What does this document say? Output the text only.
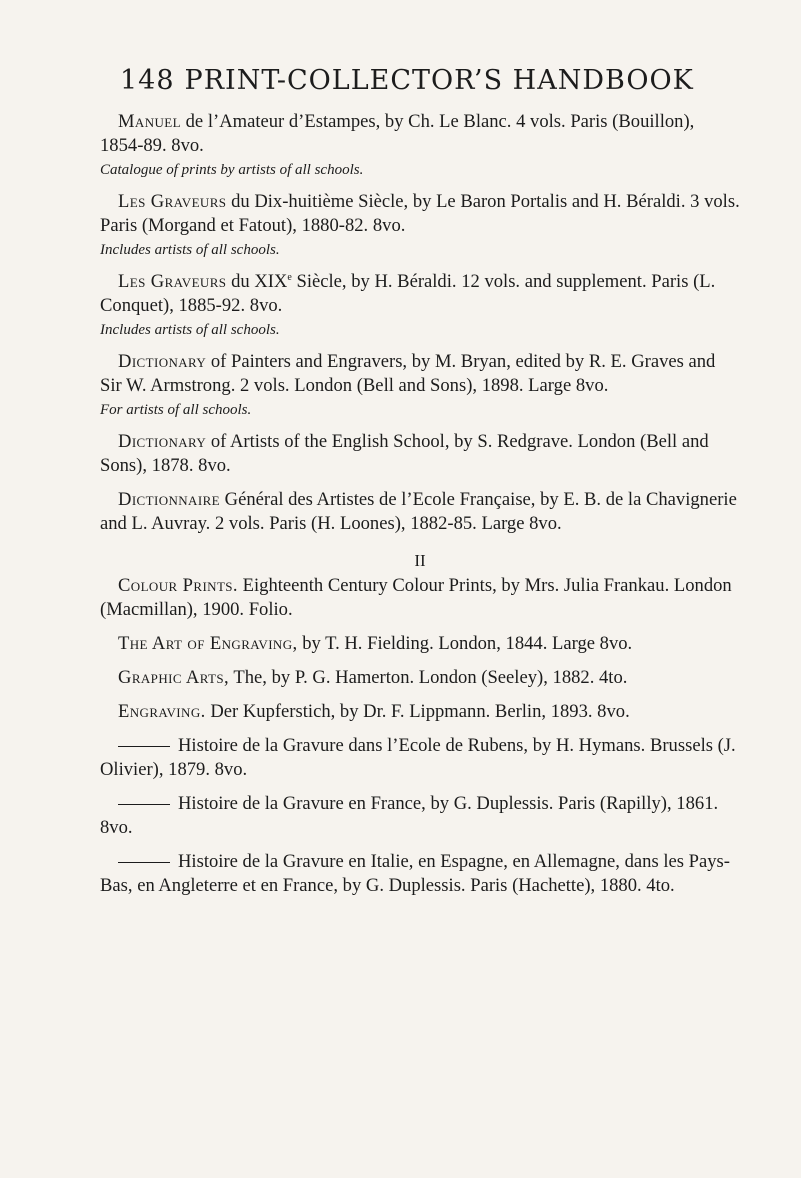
148 PRINT-COLLECTOR’S HANDBOOK

Manuel de l’Amateur d’Estampes, by Ch. Le Blanc. 4 vols. Paris (Bouillon), 1854-89. 8vo.

Catalogue of prints by artists of all schools.

Les Graveurs du Dix-huitième Siècle, by Le Baron Portalis and H. Béraldi. 3 vols. Paris (Morgand et Fatout), 1880-82. 8vo.

Includes artists of all schools.

Les Graveurs du XIXe Siècle, by H. Béraldi. 12 vols. and supplement. Paris (L. Conquet), 1885-92. 8vo.

Includes artists of all schools.

Dictionary of Painters and Engravers, by M. Bryan, edited by R. E. Graves and Sir W. Armstrong. 2 vols. London (Bell and Sons), 1898. Large 8vo.

For artists of all schools.

Dictionary of Artists of the English School, by S. Redgrave. London (Bell and Sons), 1878. 8vo.

Dictionnaire Général des Artistes de l’Ecole Française, by E. B. de la Chavignerie and L. Auvray. 2 vols. Paris (H. Loones), 1882-85. Large 8vo.

II

Colour Prints. Eighteenth Century Colour Prints, by Mrs. Julia Frankau. London (Macmillan), 1900. Folio.

The Art of Engraving, by T. H. Fielding. London, 1844. Large 8vo.

Graphic Arts, The, by P. G. Hamerton. London (Seeley), 1882. 4to.

Engraving. Der Kupferstich, by Dr. F. Lippmann. Berlin, 1893. 8vo.

Histoire de la Gravure dans l’Ecole de Rubens, by H. Hymans. Brussels (J. Olivier), 1879. 8vo.

Histoire de la Gravure en France, by G. Duplessis. Paris (Rapilly), 1861. 8vo.

Histoire de la Gravure en Italie, en Espagne, en Allemagne, dans les Pays-Bas, en Angleterre et en France, by G. Duplessis. Paris (Hachette), 1880. 4to.
